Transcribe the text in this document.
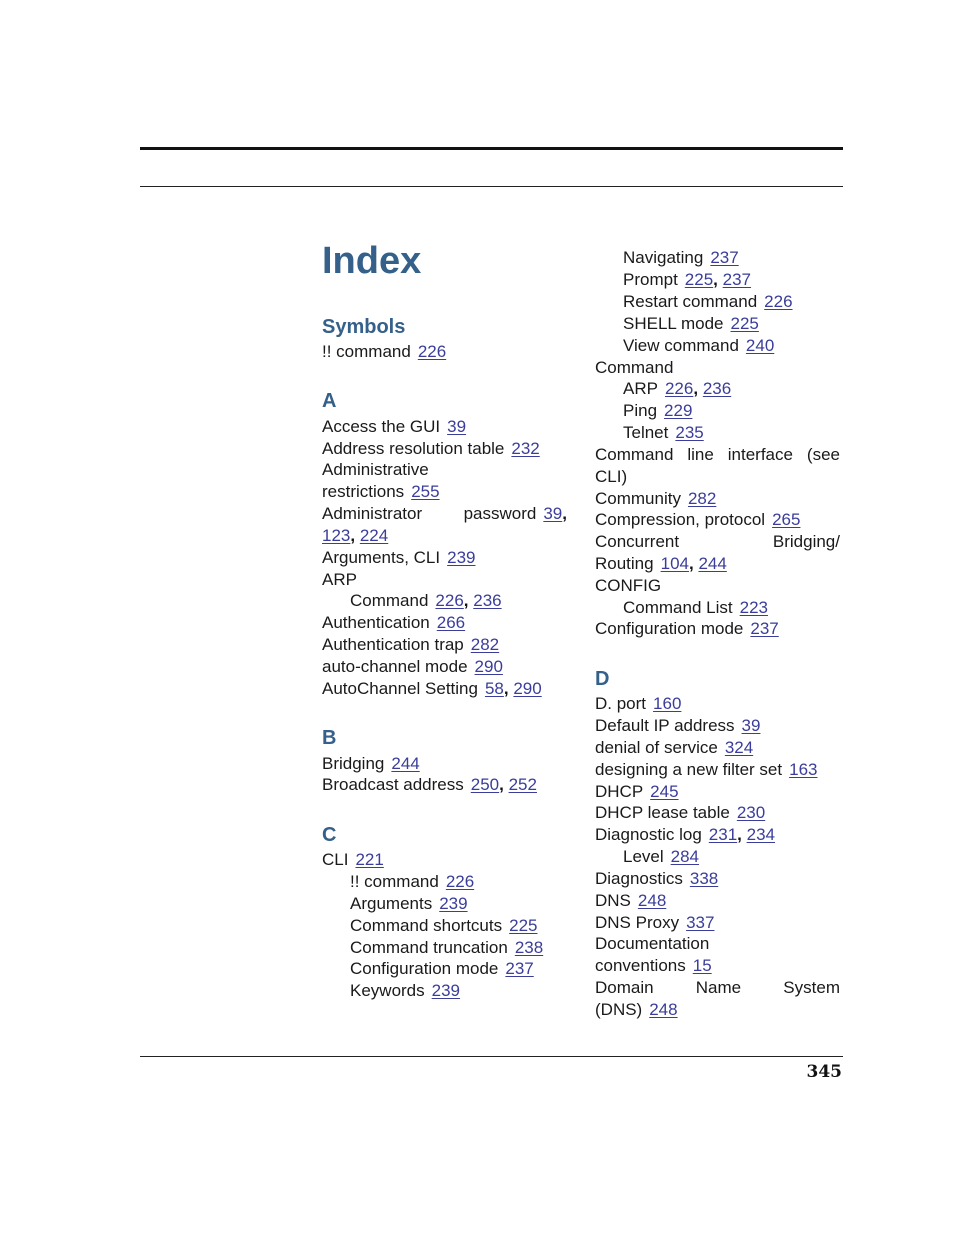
Index
Symbols
!! command 226
A
Access the GUI 39
Address resolution table 232
Administrative
restrictions 255
Administrator password 39,
123, 224
Arguments, CLI 239
ARP
Command 226, 236
Authentication 266
Authentication trap 282
auto-channel mode 290
AutoChannel Setting 58, 290
B
Bridging 244
Broadcast address 250, 252
C
CLI 221
!! command 226
Arguments 239
Command shortcuts 225
Command truncation 238
Configuration mode 237
Keywords 239
Navigating 237
Prompt 225, 237
Restart command 226
SHELL mode 225
View command 240
Command
ARP 226, 236
Ping 229
Telnet 235
Command line interface (see
CLI)
Community 282
Compression, protocol 265
Concurrent	Bridging/
Routing 104, 244
CONFIG
Command List 223
Configuration mode 237
D
D. port 160
Default IP address 39
denial of service 324
designing a new filter set 163
DHCP 245
DHCP lease table 230
Diagnostic log 231, 234
Level 284
Diagnostics 338
DNS 248
DNS Proxy 337
Documentation
conventions 15
Domain Name System
(DNS) 248
345
